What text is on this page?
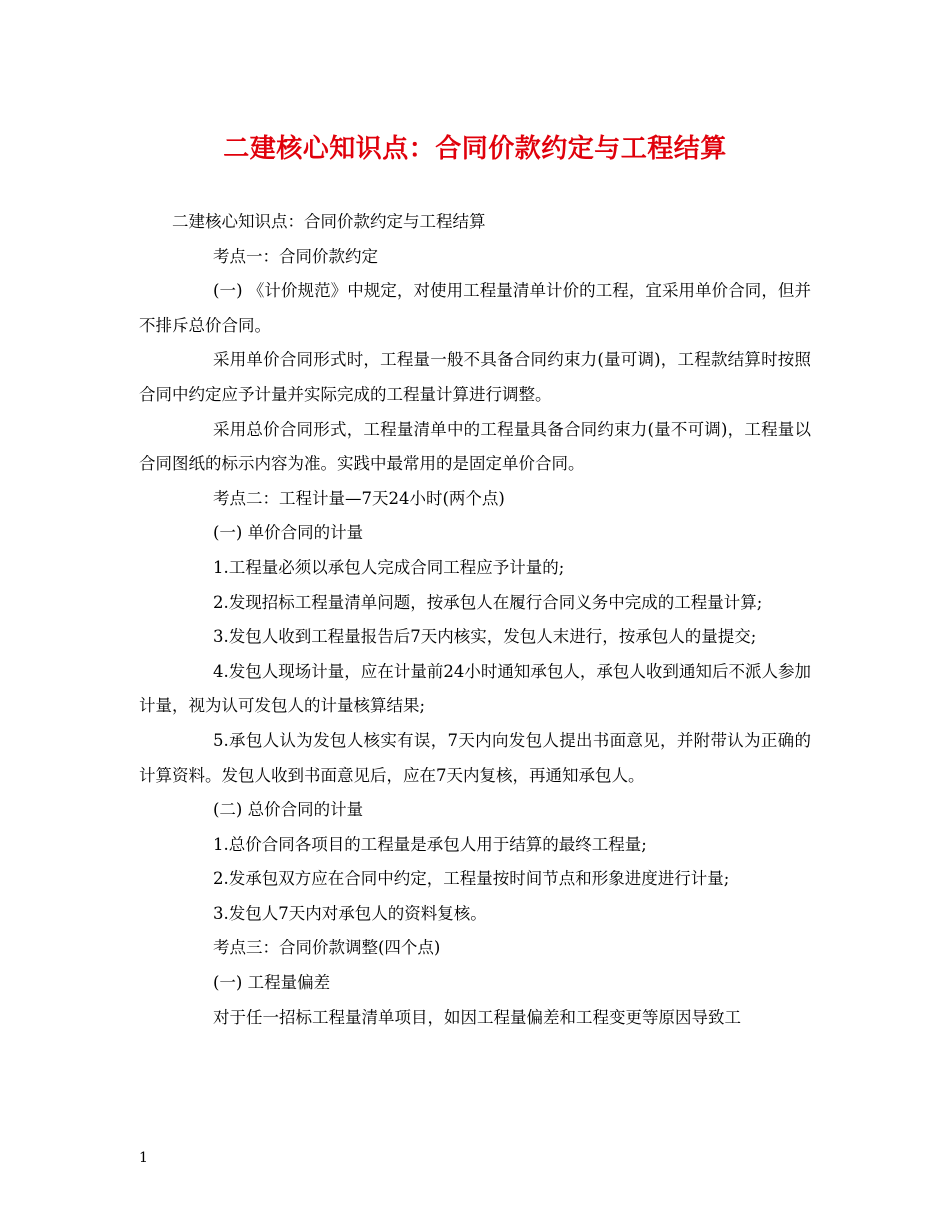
二建核心知识点：合同价款约定与工程结算

二建核心知识点：合同价款约定与工程结算

考点一：合同价款约定

(一) 《计价规范》中规定，对使用工程量清单计价的工程，宜采用单价合同，但并不排斥总价合同。

采用单价合同形式时，工程量一般不具备合同约束力(量可调)，工程款结算时按照合同中约定应予计量并实际完成的工程量计算进行调整。

采用总价合同形式，工程量清单中的工程量具备合同约束力(量不可调)，工程量以合同图纸的标示内容为准。实践中最常用的是固定单价合同。

考点二：工程计量—7天24小时(两个点)

(一) 单价合同的计量

1.工程量必须以承包人完成合同工程应予计量的;

2.发现招标工程量清单问题，按承包人在履行合同义务中完成的工程量计算;

3.发包人收到工程量报告后7天内核实，发包人末进行，按承包人的量提交;

4.发包人现场计量，应在计量前24小时通知承包人，承包人收到通知后不派人参加计量，视为认可发包人的计量核算结果;

5.承包人认为发包人核实有误，7天内向发包人提出书面意见，并附带认为正确的计算资料。发包人收到书面意见后，应在7天内复核，再通知承包人。

(二) 总价合同的计量

1.总价合同各项目的工程量是承包人用于结算的最终工程量;

2.发承包双方应在合同中约定，工程量按时间节点和形象进度进行计量;

3.发包人7天内对承包人的资料复核。

考点三：合同价款调整(四个点)

(一) 工程量偏差

对于任一招标工程量清单项目，如因工程量偏差和工程变更等原因导致工

1
